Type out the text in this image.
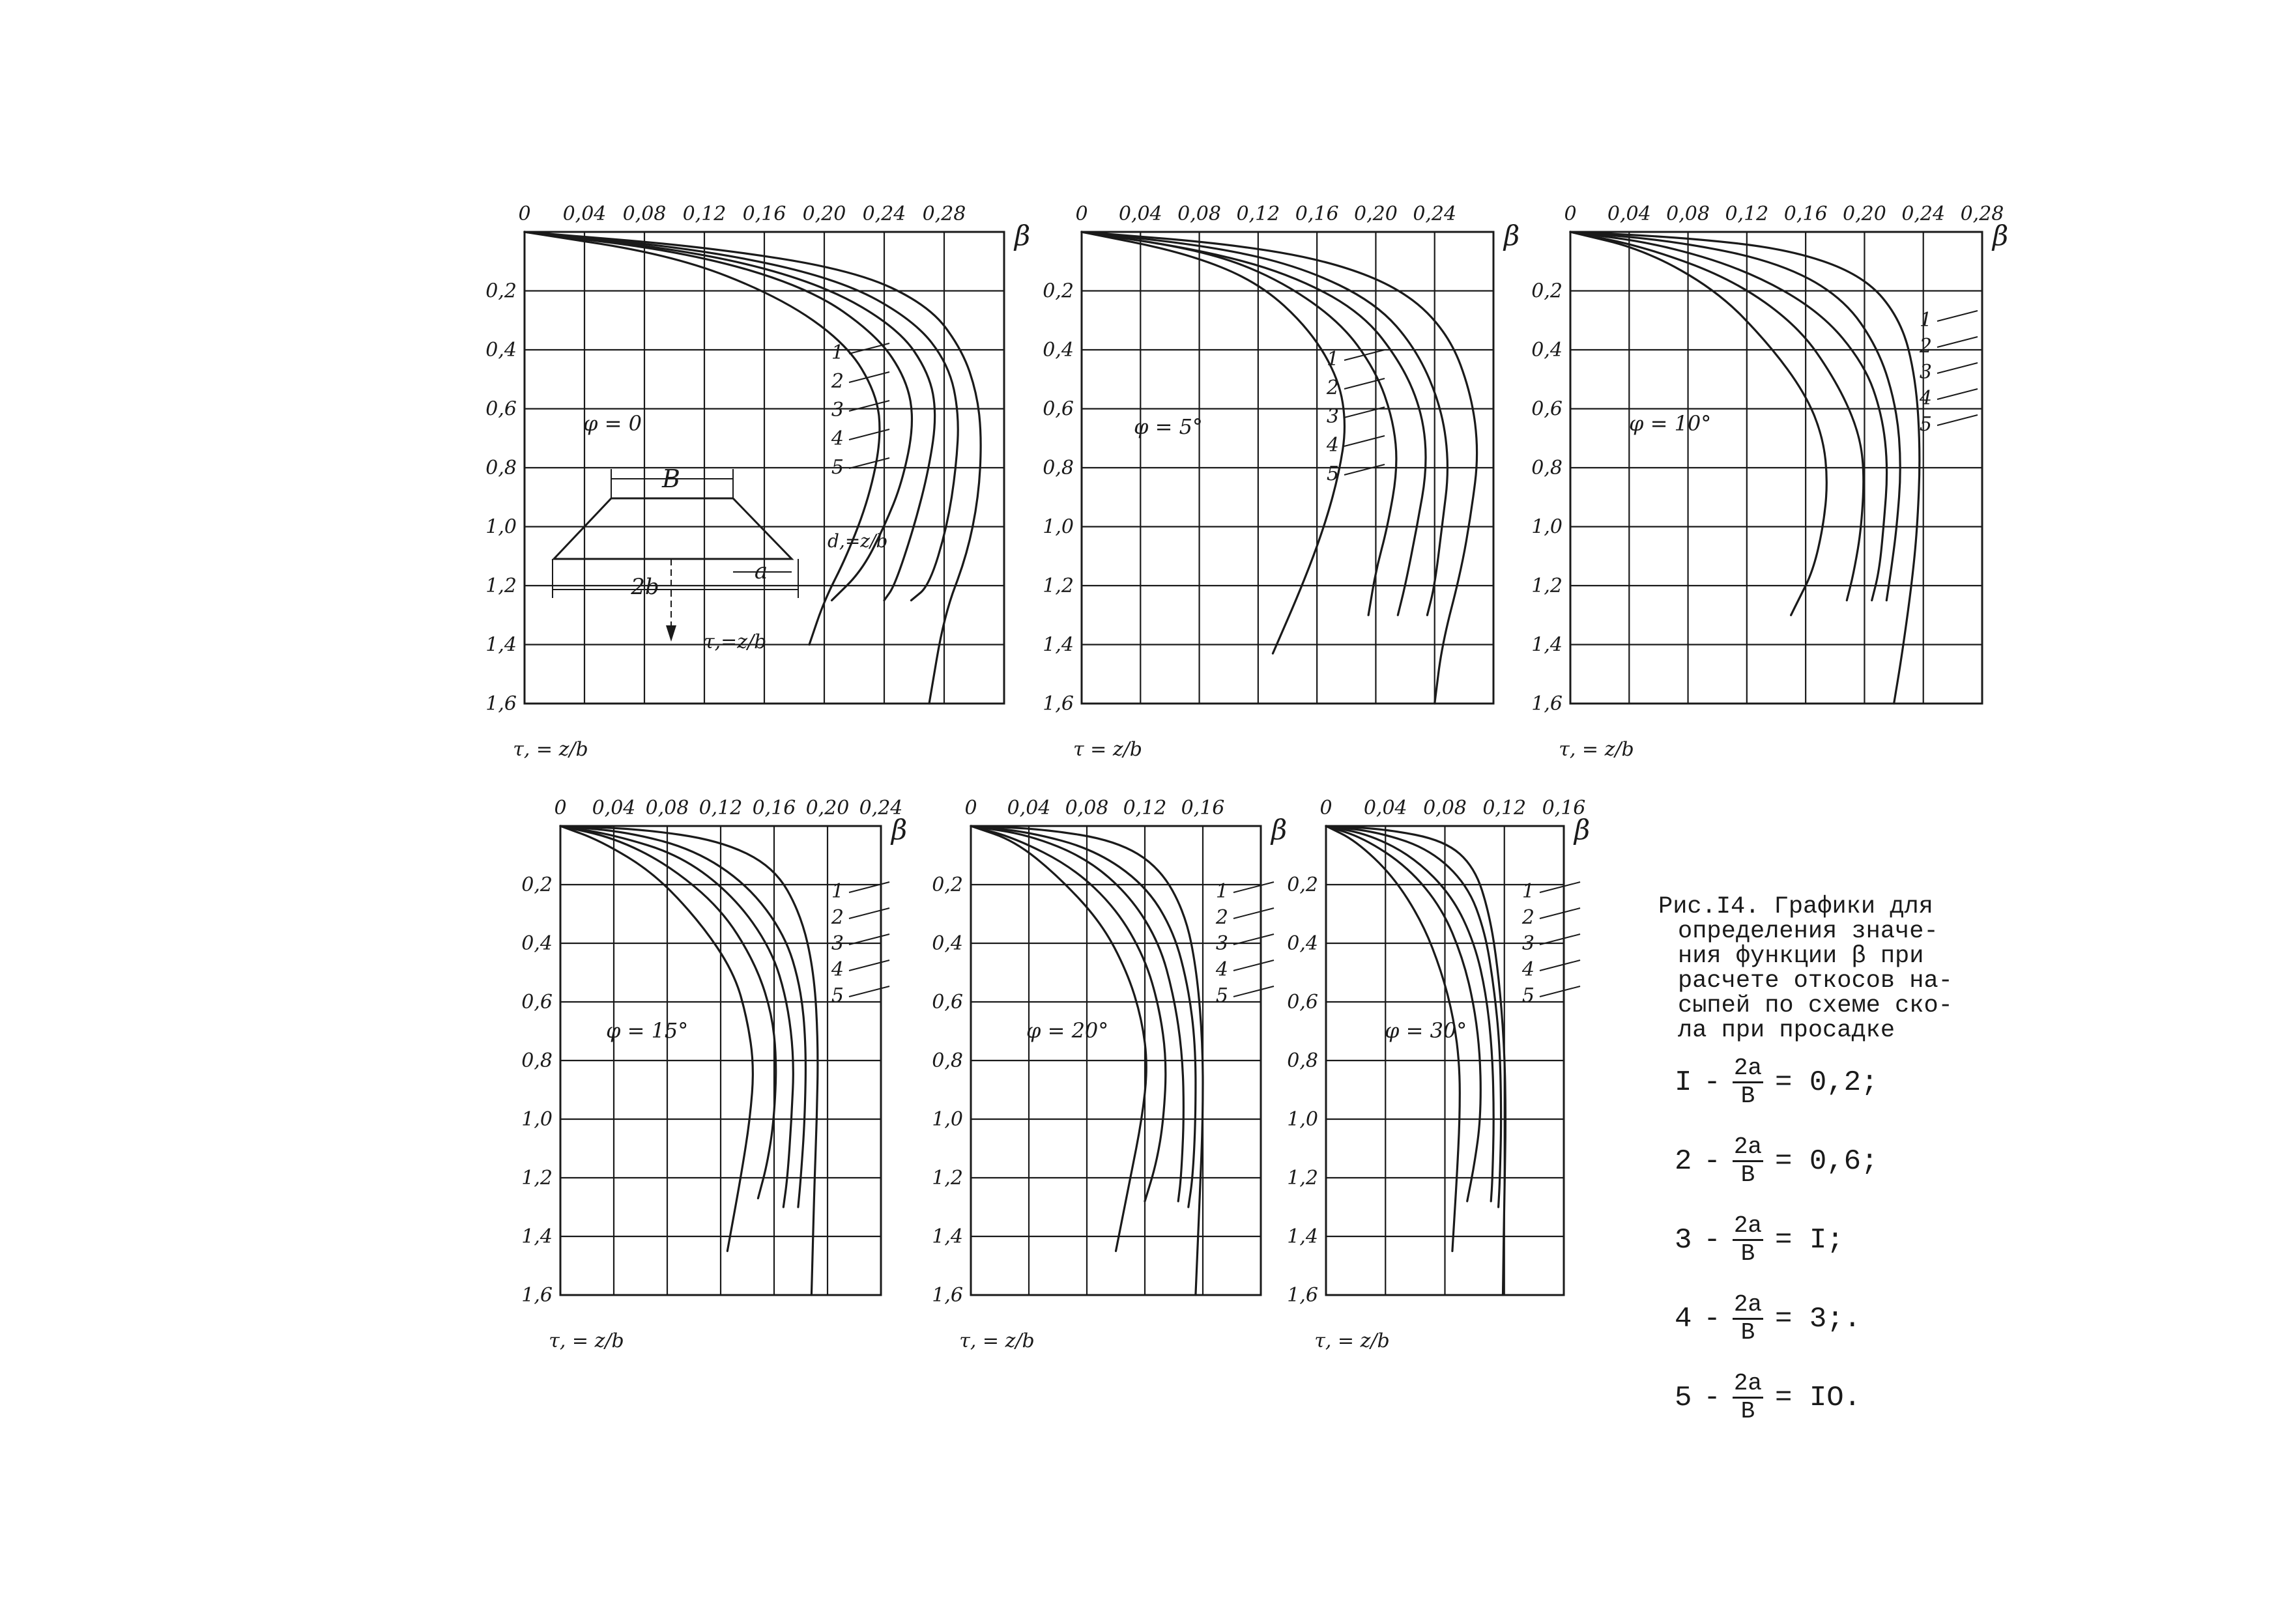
0 0,04 0,08 0,12 0,16 0,20 0,24 0,28
0,2
0,4
0,6
0,8
1,0
1,2
1,4
1,6
β
τ, = z/b
φ = 0
1
2
3
4
5
0 0,04 0,08 0,12 0,16 0,20 0,24
0,2
0,4
0,6
0,8
1,0
1,2
1,4
1,6
β
τ = z/b
φ = 5°
1
2
3
4
5
0 0,04 0,08 0,12 0,16 0,20 0,24 0,28
0,2
0,4
0,6
0,8
1,0
1,2
1,4
1,6
β
τ, = z/b
φ = 10°
1
2
3
4
5
0 0,04 0,08 0,12 0,16 0,20 0,24
0,2
0,4
0,6
0,8
1,0
1,2
1,4
1,6
β
τ, = z/b
φ = 15°
1
2
3
4
5
0 0,04 0,08 0,12 0,16
0,2
0,4
0,6
0,8
1,0
1,2
1,4
1,6
β
τ, = z/b
φ = 20°
1
2
3
4
5
0 0,04 0,08 0,12 0,16
0,2
0,4
0,6
0,8
1,0
1,2
1,4
1,6
β
τ, = z/b
φ = 30°
1
2
3
4
5
B
2b
a
τ,=z/b
d,=z/b

Рис.I4. Графики для

определения значе-

ния функции β при

расчете откосов на-

сыпей по схеме ско-

ла при просадке

$I - \frac{2a}{B} = 0,2$;
$2 - \frac{2a}{B} = 0,6$;
$3 - \frac{2a}{B} = I$;
$4 - \frac{2a}{B} = 3$;.
$5 - \frac{2a}{B}$ = IO.
